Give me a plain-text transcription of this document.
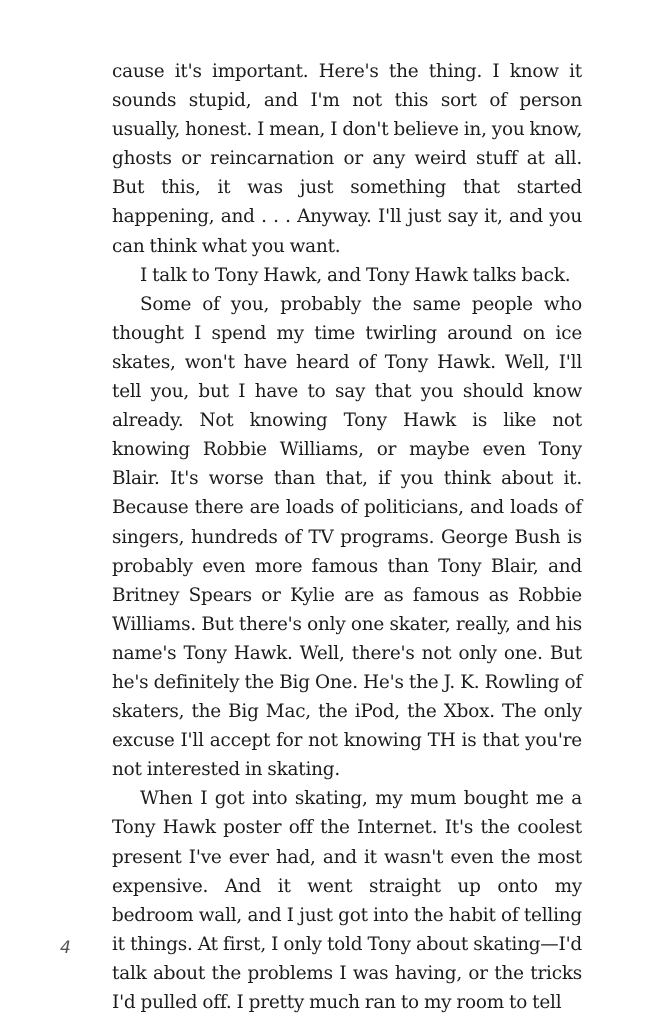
cause it's important. Here's the thing. I know it sounds stupid, and I'm not this sort of person usually, honest. I mean, I don't believe in, you know, ghosts or reincarnation or any weird stuff at all. But this, it was just something that started happening, and . . . Anyway. I'll just say it, and you can think what you want.

I talk to Tony Hawk, and Tony Hawk talks back.

Some of you, probably the same people who thought I spend my time twirling around on ice skates, won't have heard of Tony Hawk. Well, I'll tell you, but I have to say that you should know already. Not knowing Tony Hawk is like not knowing Robbie Williams, or maybe even Tony Blair. It's worse than that, if you think about it. Because there are loads of politicians, and loads of singers, hundreds of TV programs. George Bush is probably even more famous than Tony Blair, and Britney Spears or Kylie are as famous as Robbie Williams. But there's only one skater, really, and his name's Tony Hawk. Well, there's not only one. But he's definitely the Big One. He's the J. K. Rowling of skaters, the Big Mac, the iPod, the Xbox. The only excuse I'll accept for not knowing TH is that you're not interested in skating.

When I got into skating, my mum bought me a Tony Hawk poster off the Internet. It's the coolest present I've ever had, and it wasn't even the most expensive. And it went straight up onto my bedroom wall, and I just got into the habit of telling it things. At first, I only told Tony about skating—I'd talk about the problems I was having, or the tricks I'd pulled off. I pretty much ran to my room to tell

4
